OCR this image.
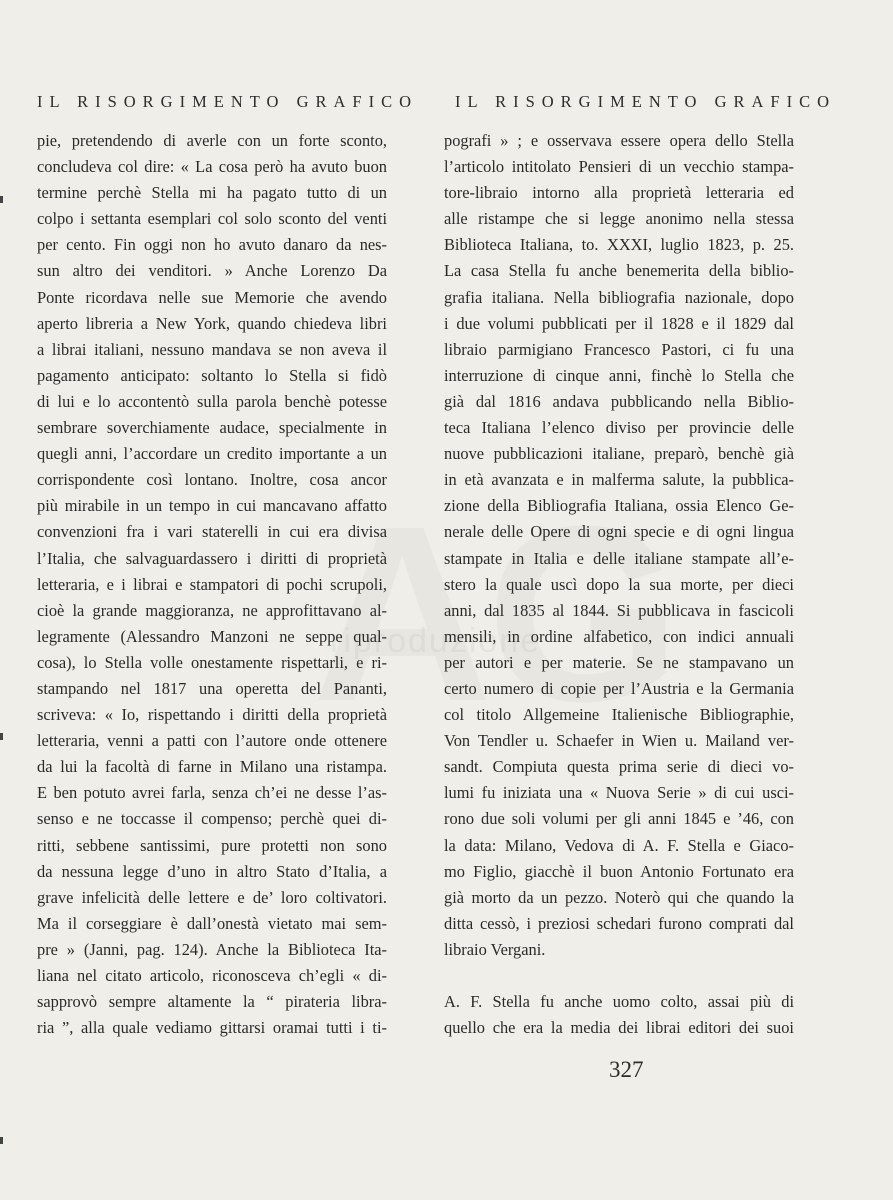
riproduzione
IL RISORGIMENTO GRAFICO IL RISORGIMENTO GRAFICO
pie, pretendendo di averle con un forte sconto,
concludeva col dire: « La cosa però ha avuto buon
termine perchè Stella mi ha pagato tutto di un
colpo i settanta esemplari col solo sconto del venti
per cento. Fin oggi non ho avuto danaro da nes-
sun altro dei venditori. » Anche Lorenzo Da
Ponte ricordava nelle sue Memorie che avendo
aperto libreria a New York, quando chiedeva libri
a librai italiani, nessuno mandava se non aveva il
pagamento anticipato: soltanto lo Stella si fidò
di lui e lo accontentò sulla parola benchè potesse
sembrare soverchiamente audace, specialmente in
quegli anni, l’accordare un credito importante a un
corrispondente così lontano. Inoltre, cosa ancor
più mirabile in un tempo in cui mancavano affatto
convenzioni fra i vari staterelli in cui era divisa
l’Italia, che salvaguardassero i diritti di proprietà
letteraria, e i librai e stampatori di pochi scrupoli,
cioè la grande maggioranza, ne approfittavano al-
legramente (Alessandro Manzoni ne seppe qual-
cosa), lo Stella volle onestamente rispettarli, e ri-
stampando nel 1817 una operetta del Pananti,
scriveva: « Io, rispettando i diritti della proprietà
letteraria, venni a patti con l’autore onde ottenere
da lui la facoltà di farne in Milano una ristampa.
E ben potuto avrei farla, senza ch’ei ne desse l’as-
senso e ne toccasse il compenso; perchè quei di-
ritti, sebbene santissimi, pure protetti non sono
da nessuna legge d’uno in altro Stato d’Italia, a
grave infelicità delle lettere e de’ loro coltivatori.
Ma il corseggiare è dall’onestà vietato mai sem-
pre » (Janni, pag. 124). Anche la Biblioteca Ita-
liana nel citato articolo, riconosceva ch’egli « di-
sapprovò sempre altamente la “ pirateria libra-
ria ”, alla quale vediamo gittarsi oramai tutti i ti-
pografi » ; e osservava essere opera dello Stella
l’articolo intitolato Pensieri di un vecchio stampa-
tore-libraio intorno alla proprietà letteraria ed
alle ristampe che si legge anonimo nella stessa
Biblioteca Italiana, to. XXXI, luglio 1823, p. 25.
La casa Stella fu anche benemerita della biblio-
grafia italiana. Nella bibliografia nazionale, dopo
i due volumi pubblicati per il 1828 e il 1829 dal
libraio parmigiano Francesco Pastori, ci fu una
interruzione di cinque anni, finchè lo Stella che
già dal 1816 andava pubblicando nella Biblio-
teca Italiana l’elenco diviso per provincie delle
nuove pubblicazioni italiane, preparò, benchè già
in età avanzata e in malferma salute, la pubblica-
zione della Bibliografia Italiana, ossia Elenco Ge-
nerale delle Opere di ogni specie e di ogni lingua
stampate in Italia e delle italiane stampate all’e-
stero la quale uscì dopo la sua morte, per dieci
anni, dal 1835 al 1844. Si pubblicava in fascicoli
mensili, in ordine alfabetico, con indici annuali
per autori e per materie. Se ne stampavano un
certo numero di copie per l’Austria e la Germania
col titolo Allgemeine Italienische Bibliographie,
Von Tendler u. Schaefer in Wien u. Mailand ver-
sandt. Compiuta questa prima serie di dieci vo-
lumi fu iniziata una « Nuova Serie » di cui usci-
rono due soli volumi per gli anni 1845 e ’46, con
la data: Milano, Vedova di A. F. Stella e Giaco-
mo Figlio, giacchè il buon Antonio Fortunato era
già morto da un pezzo. Noterò qui che quando la
ditta cessò, i preziosi schedari furono comprati dal
libraio Vergani.
A. F. Stella fu anche uomo colto, assai più di
quello che era la media dei librai editori dei suoi
327
